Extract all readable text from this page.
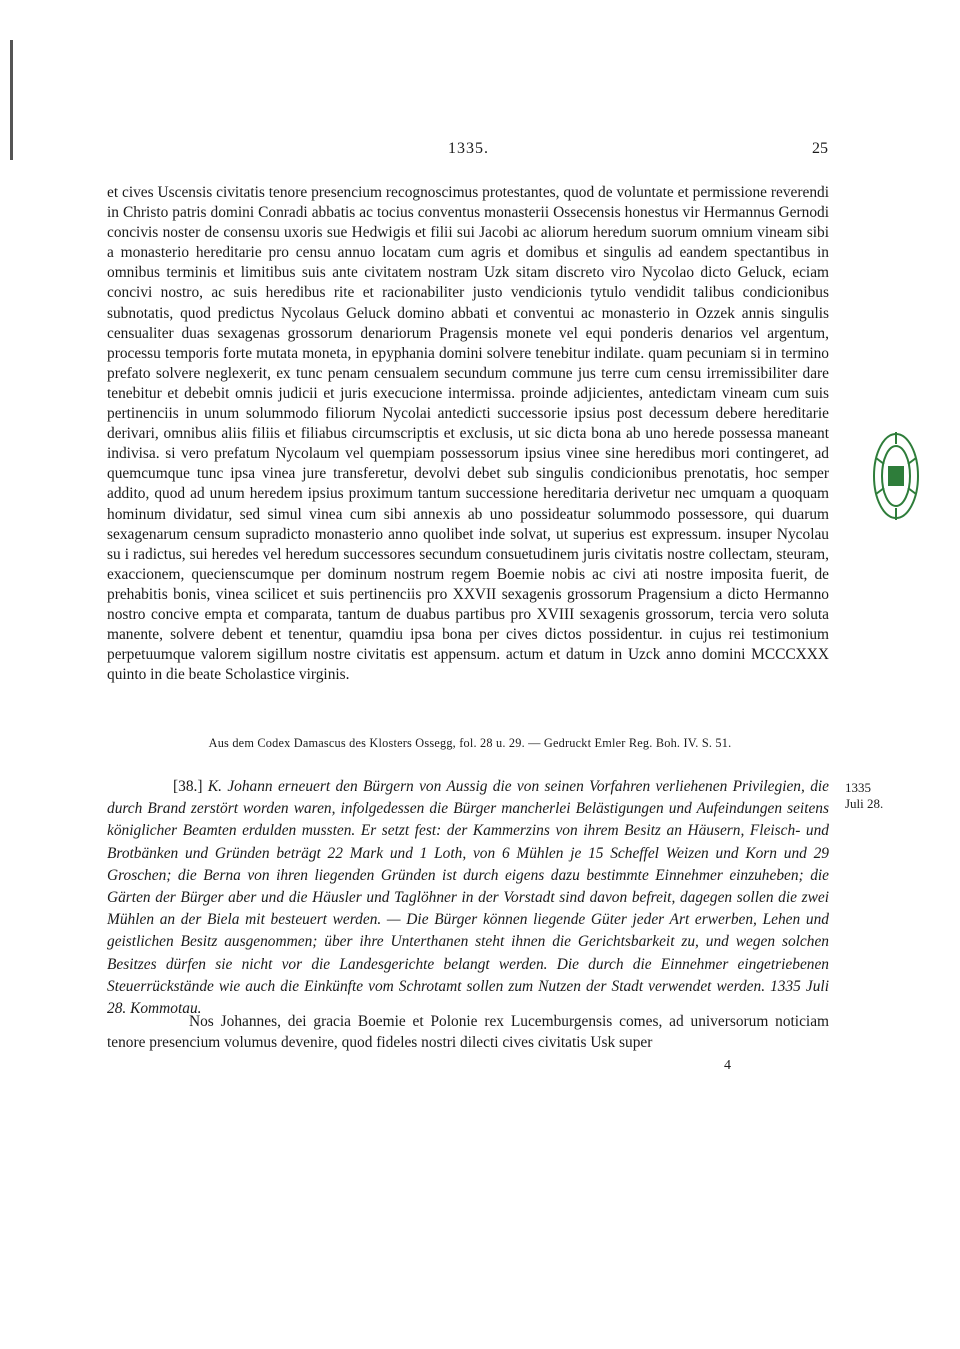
1335.	25

et cives Uscensis civitatis tenore presencium recognoscimus protestantes, quod de voluntate et permissione reverendi in Christo patris domini Conradi abbatis ac tocius conventus monasterii Ossecensis honestus vir Hermannus Gernodi concivis noster de consensu uxoris sue Hedwigis et filii sui Jacobi ac aliorum heredum suorum omnium vineam sibi a monasterio hereditarie pro censu annuo locatam cum agris et domibus et singulis ad eandem spectantibus in omnibus terminis et limitibus suis ante civitatem nostram Uzk sitam discreto viro Nycolao dicto Geluck, eciam concivi nostro, ac suis heredibus rite et racionabiliter justo vendicionis tytulo vendidit talibus condicionibus subnotatis, quod predictus Nycolaus Geluck domino abbati et conventui ac monasterio in Ozzek annis singulis censualiter duas sexagenas grossorum denariorum Pragensis monete vel equi ponderis denarios vel argentum, processu temporis forte mutata moneta, in epyphania domini solvere tenebitur indilate. quam pecuniam si in termino prefato solvere neglexerit, ex tunc penam censualem secundum commune jus terre cum censu irremissibiliter dare tenebitur et debebit omnis judicii et juris execucione intermissa. proinde adjicientes, antedictam vineam cum suis pertinenciis in unum solummodo filiorum Nycolai antedicti successorie ipsius post decessum debere hereditarie derivari, omnibus aliis filiis et filiabus circumscriptis et exclusis, ut sic dicta bona ab uno herede possessa maneant indivisa. si vero prefatum Nycolaum vel quempiam possessorum ipsius vinee sine heredibus mori contingeret, ad quemcumque tunc ipsa vinea jure transferetur, devolvi debet sub singulis condicionibus prenotatis, hoc semper addito, quod ad unum heredem ipsius proximum tantum successione hereditaria derivetur nec umquam a quoquam hominum dividatur, sed simul vinea cum sibi annexis ab uno possideatur solummodo possessore, qui duarum sexagenarum censum supradicto monasterio anno quolibet inde solvat, ut superius est expressum. insuper Nycolau su i radictus, sui heredes vel heredum successores secundum consuetudinem juris civitatis nostre collectam, steuram, exaccionem, quecienscumque per dominum nostrum regem Boemie nobis ac civi ati nostre imposita fuerit, de prehabitis bonis, vinea scilicet et suis pertinenciis pro XXVII sexagenis grossorum Pragensium a dicto Hermanno nostro concive empta et comparata, tantum de duabus partibus pro XVIII sexagenis grossorum, tercia vero soluta manente, solvere debent et tenentur, quamdiu ipsa bona per cives dictos possidentur. in cujus rei testimonium perpetuumque valorem sigillum nostre civitatis est appensum. actum et datum in Uzck anno domini MCCCXXX quinto in die beate Scholastice virginis.

Aus dem Codex Damascus des Klosters Ossegg, fol. 28 u. 29. — Gedruckt Emler Reg. Boh. IV. S. 51.
[38.] K. Johann erneuert den Bürgern von Aussig die von seinen Vorfahren verliehenen Privilegien, die durch Brand zerstört worden waren, infolgedessen die Bürger mancherlei Belästigungen und Aufeindungen seitens königlicher Beamten erdulden mussten. Er setzt fest: der Kammerzins von ihrem Besitz an Häusern, Fleisch- und Brotbänken und Gründen beträgt 22 Mark und 1 Loth, von 6 Mühlen je 15 Scheffel Weizen und Korn und 29 Groschen; die Berna von ihren liegenden Gründen ist durch eigens dazu bestimmte Einnehmer einzuheben; die Gärten der Bürger aber und die Häusler und Taglöhner in der Vorstadt sind davon befreit, dagegen sollen die zwei Mühlen an der Biela mit besteuert werden. — Die Bürger können liegende Güter jeder Art erwerben, Lehen und geistlichen Besitz ausgenommen; über ihre Unterthanen steht ihnen die Gerichtsbarkeit zu, und wegen solchen Besitzes dürfen sie nicht vor die Landesgerichte belangt werden. Die durch die Einnehmer eingetriebenen Steuerrückstände wie auch die Einkünfte vom Schrotamt sollen zum Nutzen der Stadt verwendet werden. 1335 Juli 28. Kommotau.
1335
Juli 28.
Nos Johannes, dei gracia Boemie et Polonie rex Lucemburgensis comes, ad universorum noticiam tenore presencium volumus devenire, quod fideles nostri dilecti cives civitatis Usk super
4
